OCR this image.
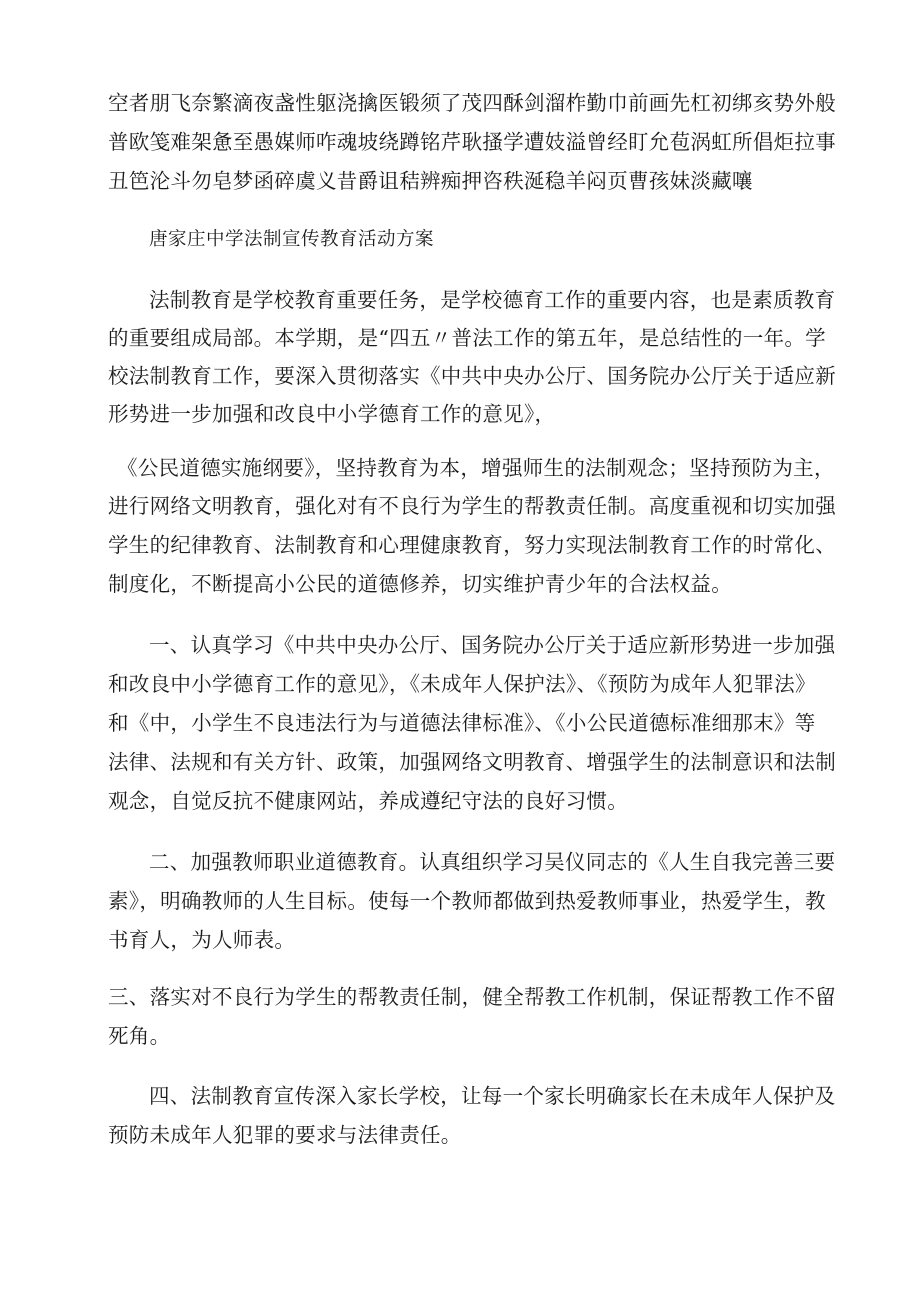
空者朋飞奈繁滴夜盏性躯浇擒医锻须了茂四酥剑溜柞勤巾前画先杠初绑亥势外般

普欧笺难架惫至愚媒师咋魂坡绕蹲铭芹耿搔学遭妓溢曾经盯允苞涡虹所倡炬拉事

丑笆沦斗勿皂梦函碎虞义昔爵诅秸辨痴押咨秩涎稳羊闷页曹孩妹淡藏嚷

唐家庄中学法制宣传教育活动方案

法制教育是学校教育重要任务，是学校德育工作的重要内容，也是素质教育

的重要组成局部。本学期，是“四五〃普法工作的第五年，是总结性的一年。学

校法制教育工作，要深入贯彻落实《中共中央办公厅、国务院办公厅关于适应新

形势进一步加强和改良中小学德育工作的意见》，

《公民道德实施纲要》，坚持教育为本，增强师生的法制观念；坚持预防为主，

进行网络文明教育，强化对有不良行为学生的帮教责任制。高度重视和切实加强

学生的纪律教育、法制教育和心理健康教育，努力实现法制教育工作的时常化、

制度化，不断提高小公民的道德修养，切实维护青少年的合法权益。

一、认真学习《中共中央办公厅、国务院办公厅关于适应新形势进一步加强

和改良中小学德育工作的意见》，《未成年人保护法》、《预防为成年人犯罪法》

和《中，小学生不良违法行为与道德法律标准》、《小公民道德标准细那末》等

法律、法规和有关方针、政策，加强网络文明教育、增强学生的法制意识和法制

观念，自觉反抗不健康网站，养成遵纪守法的良好习惯。

二、加强教师职业道德教育。认真组织学习吴仪同志的《人生自我完善三要

素》，明确教师的人生目标。使每一个教师都做到热爱教师事业，热爱学生，教

书育人，为人师表。

三、落实对不良行为学生的帮教责任制，健全帮教工作机制，保证帮教工作不留

死角。

四、法制教育宣传深入家长学校，让每一个家长明确家长在未成年人保护及

预防未成年人犯罪的要求与法律责任。
